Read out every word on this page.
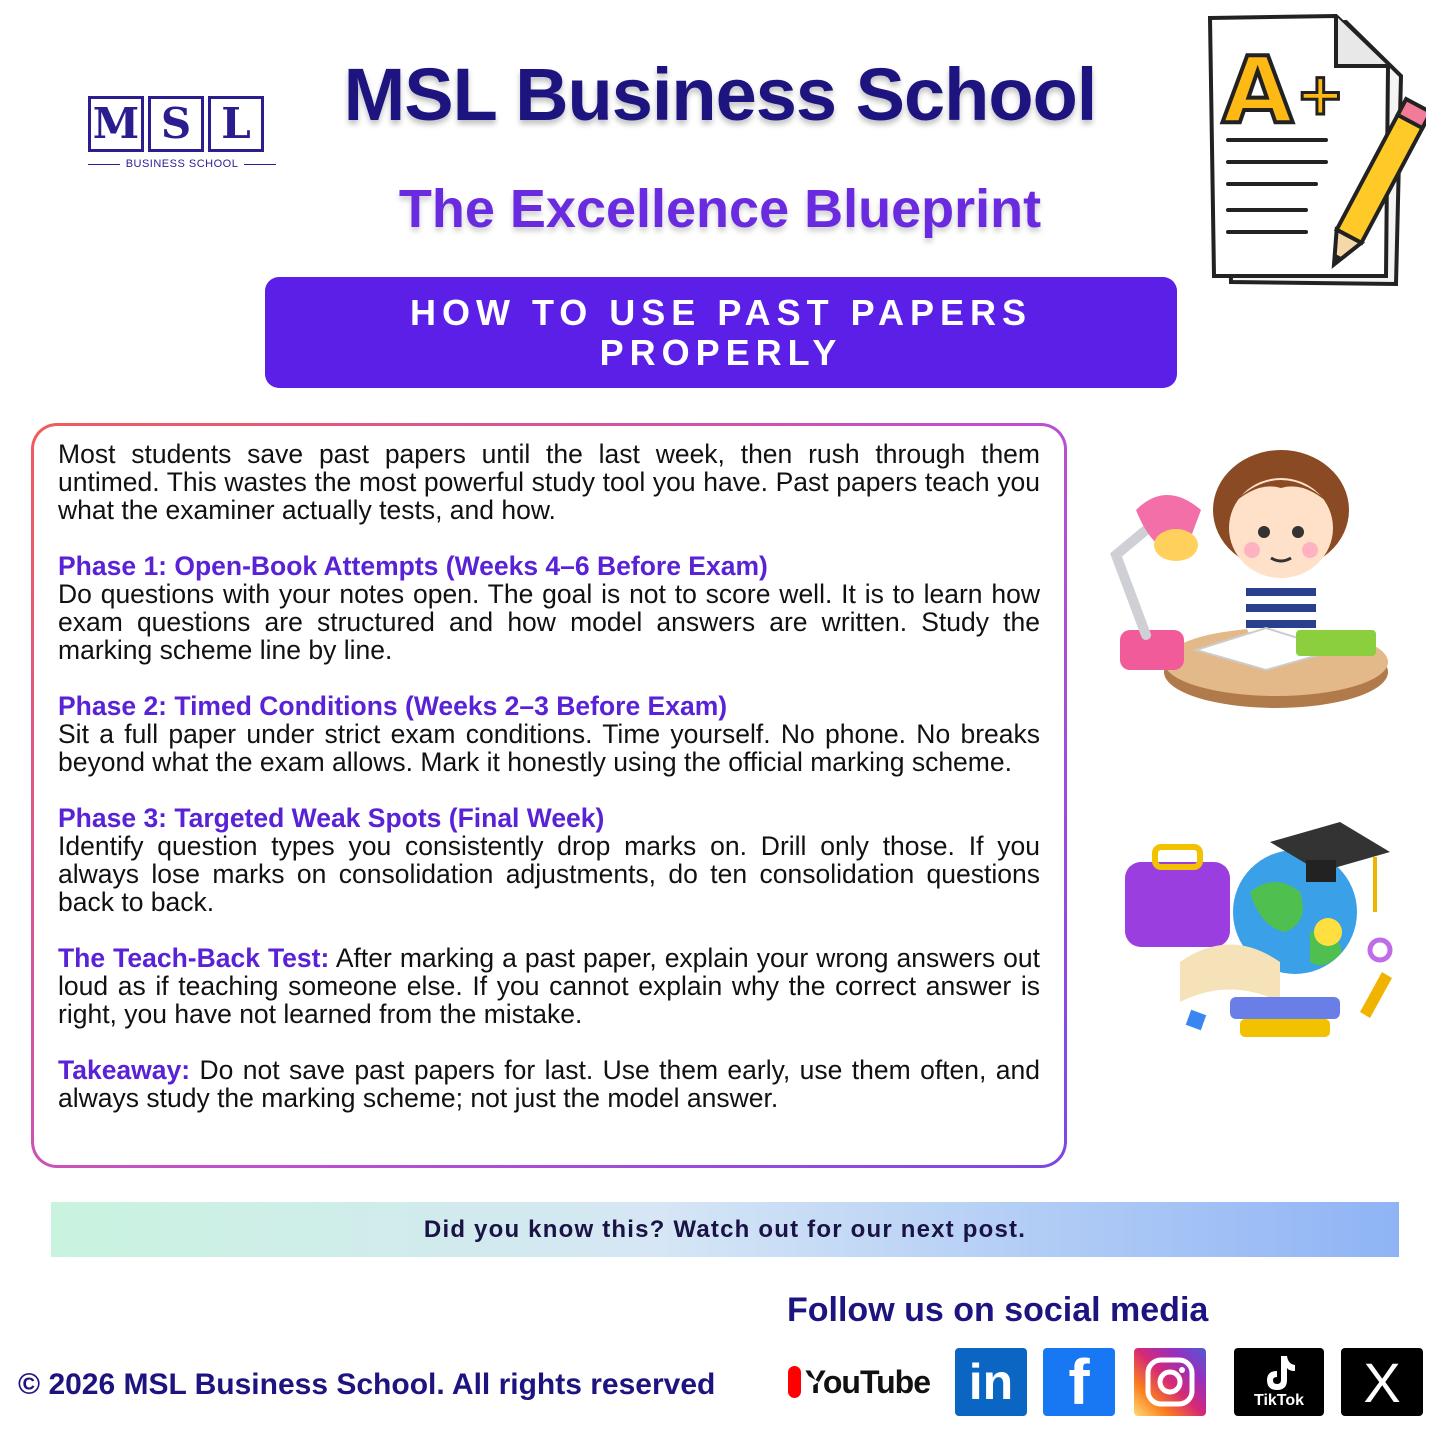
M S L
BUSINESS SCHOOL
MSL Business School
The Excellence Blueprint
A +
HOW TO USE PAST PAPERS PROPERLY

Most students save past papers until the last week, then rush through them untimed. This wastes the most powerful study tool you have. Past papers teach you what the examiner actually tests, and how.

Phase 1: Open-Book Attempts (Weeks 4–6 Before Exam)
Do questions with your notes open. The goal is not to score well. It is to learn how exam questions are structured and how model answers are written. Study the marking scheme line by line.

Phase 2: Timed Conditions (Weeks 2–3 Before Exam)
Sit a full paper under strict exam conditions. Time yourself. No phone. No breaks beyond what the exam allows. Mark it honestly using the official marking scheme.

Phase 3: Targeted Weak Spots (Final Week)
Identify question types you consistently drop marks on. Drill only those. If you always lose marks on consolidation adjustments, do ten consolidation questions back to back.

The Teach-Back Test: After marking a past paper, explain your wrong answers out loud as if teaching someone else. If you cannot explain why the correct answer is right, you have not learned from the mistake.

Takeaway: Do not save past papers for last. Use them early, use them often, and always study the marking scheme; not just the model answer.

Did you know this? Watch out for our next post.
Follow us on social media
© 2026 MSL Business School. All rights reserved	YouTube in f	TikTok X
